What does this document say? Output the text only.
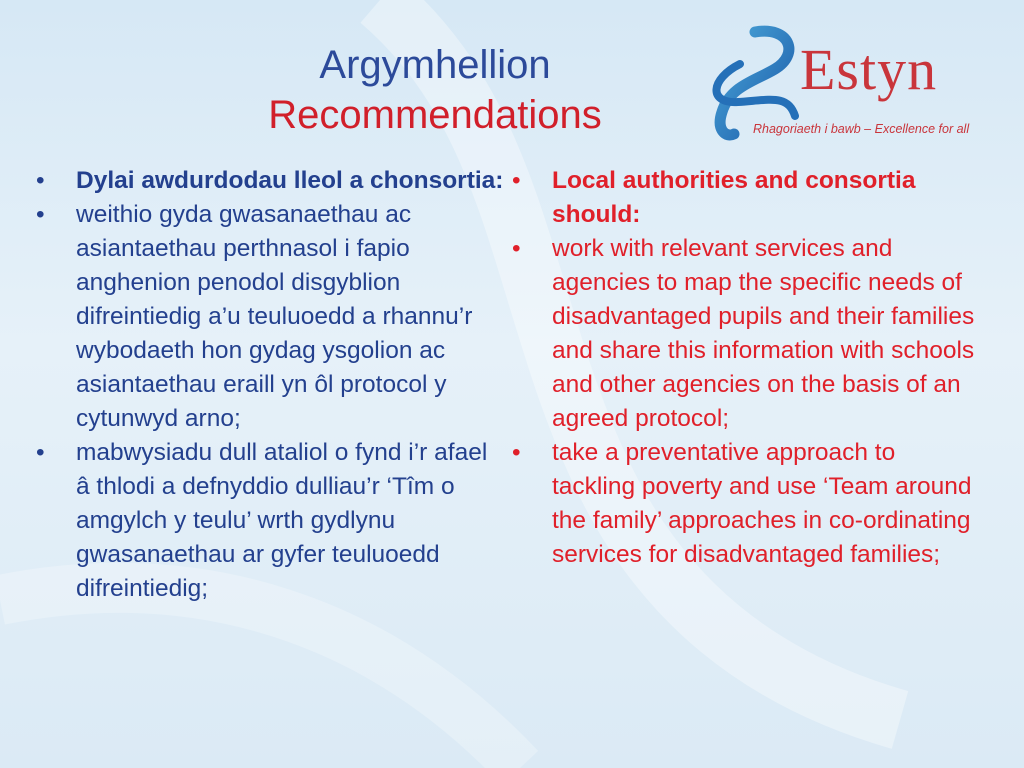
Argymhellion
Recommendations
Estyn
Rhagoriaeth i bawb – Excellence for all
•	Dylai awdurdodau lleol a chonsortia:
•	weithio gyda gwasanaethau ac asiantaethau perthnasol i fapio anghenion penodol disgyblion difreintiedig a’u teuluoedd a rhannu’r wybodaeth hon gydag ysgolion ac asiantaethau eraill yn ôl protocol y cytunwyd arno;
•	mabwysiadu dull ataliol o fynd i’r afael â thlodi a defnyddio dulliau’r ‘Tîm o amgylch y teulu’ wrth gydlynu gwasanaethau ar gyfer teuluoedd difreintiedig;
•	Local authorities and consortia should:
•	work with relevant services and agencies to map the specific needs of disadvantaged pupils and their families and share this information with schools and other agencies on the basis of an agreed protocol;
•	take a preventative approach to tackling poverty and use ‘Team around the family’ approaches in co-ordinating services for disadvantaged families;
